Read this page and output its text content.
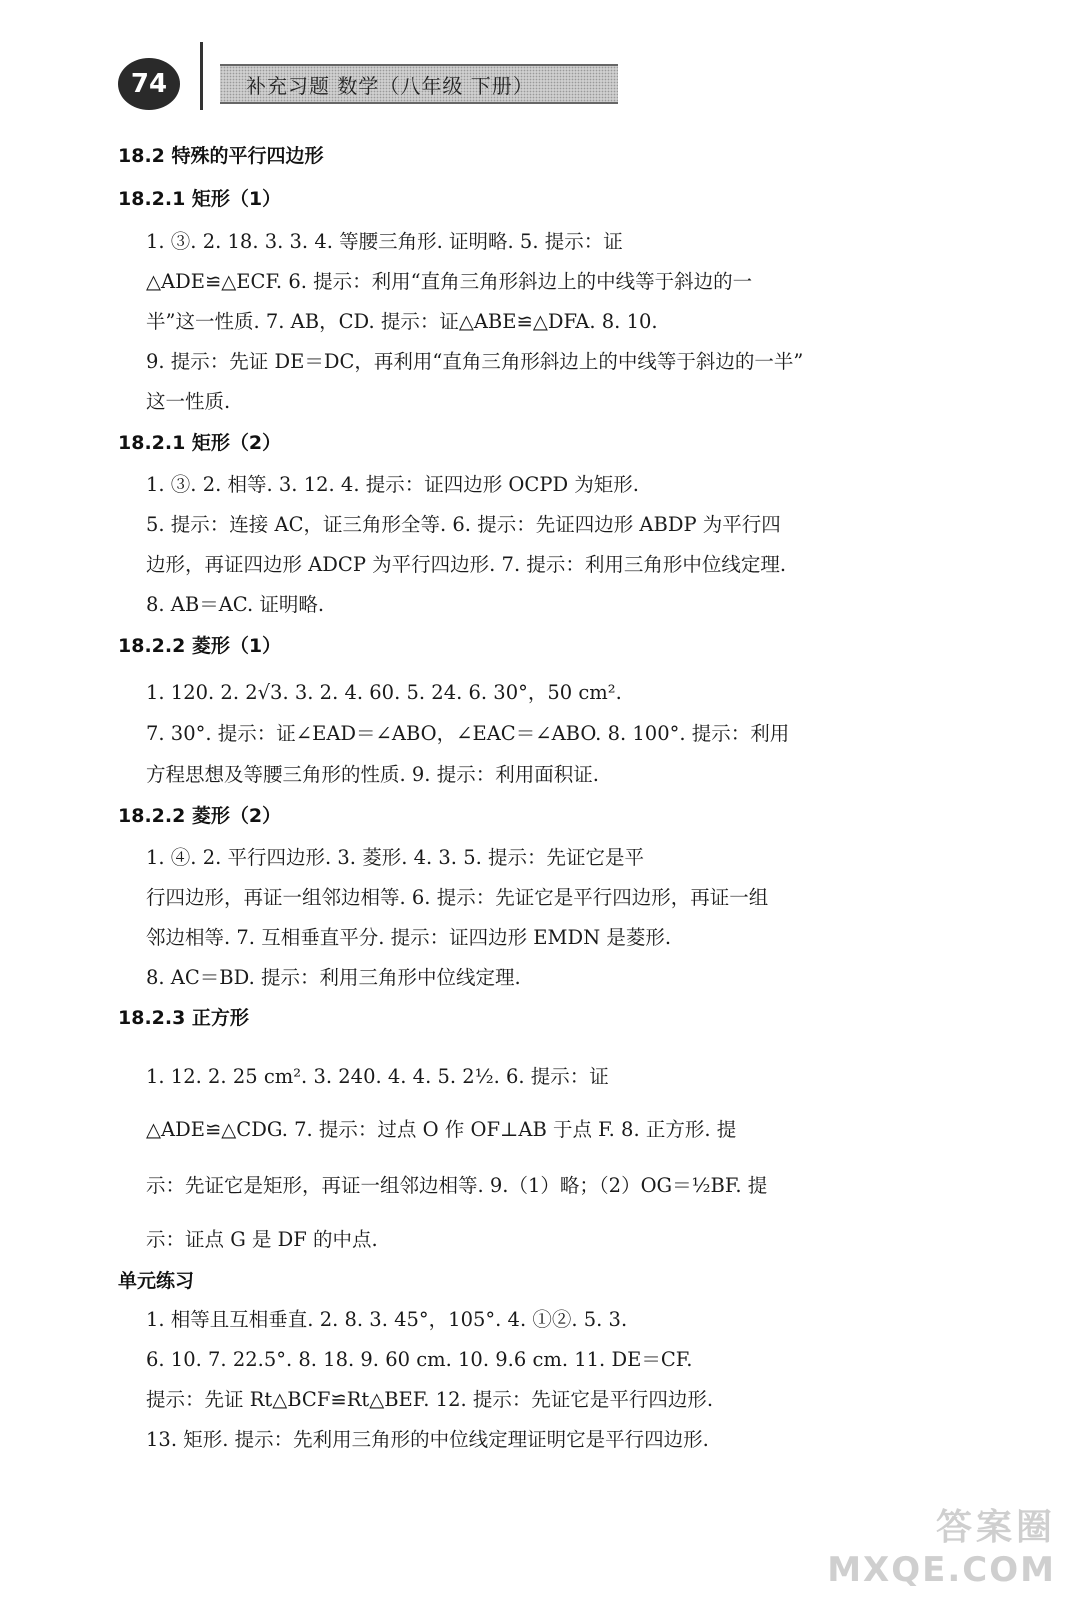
74	补充习题 数学（八年级 下册）
18.2 特殊的平行四边形
18.2.1 矩形（1）
1. ③. 2. 18. 3. 3. 4. 等腰三角形. 证明略. 5. 提示：证
△ADE≌△ECF. 6. 提示：利用“直角三角形斜边上的中线等于斜边的一
半”这一性质. 7. AB，CD. 提示：证△ABE≌△DFA. 8. 10.
9. 提示：先证 DE＝DC，再利用“直角三角形斜边上的中线等于斜边的一半”
这一性质.
18.2.1 矩形（2）
1. ③. 2. 相等. 3. 12. 4. 提示：证四边形 OCPD 为矩形.
5. 提示：连接 AC，证三角形全等. 6. 提示：先证四边形 ABDP 为平行四
边形，再证四边形 ADCP 为平行四边形. 7. 提示：利用三角形中位线定理.
8. AB＝AC. 证明略.
18.2.2 菱形（1）
1. 120. 2. 2√3. 3. 2. 4. 60. 5. 24. 6. 30°，50 cm².
7. 30°. 提示：证∠EAD＝∠ABO，∠EAC＝∠ABO. 8. 100°. 提示：利用
方程思想及等腰三角形的性质. 9. 提示：利用面积证.
18.2.2 菱形（2）
1. ④. 2. 平行四边形. 3. 菱形. 4. 3. 5. 提示：先证它是平
行四边形，再证一组邻边相等. 6. 提示：先证它是平行四边形，再证一组
邻边相等. 7. 互相垂直平分. 提示：证四边形 EMDN 是菱形.
8. AC＝BD. 提示：利用三角形中位线定理.
18.2.3 正方形
1. 12. 2. 25 cm². 3. 240. 4. 4. 5. 2½. 6. 提示：证
△ADE≌△CDG. 7. 提示：过点 O 作 OF⊥AB 于点 F. 8. 正方形. 提
示：先证它是矩形，再证一组邻边相等. 9.（1）略；（2）OG＝½BF. 提
示：证点 G 是 DF 的中点.
单元练习
1. 相等且互相垂直. 2. 8. 3. 45°，105°. 4. ①②. 5. 3.
6. 10. 7. 22.5°. 8. 18. 9. 60 cm. 10. 9.6 cm. 11. DE＝CF.
提示：先证 Rt△BCF≌Rt△BEF. 12. 提示：先证它是平行四边形.
13. 矩形. 提示：先利用三角形的中位线定理证明它是平行四边形.
答案圈
MXQE.COM
